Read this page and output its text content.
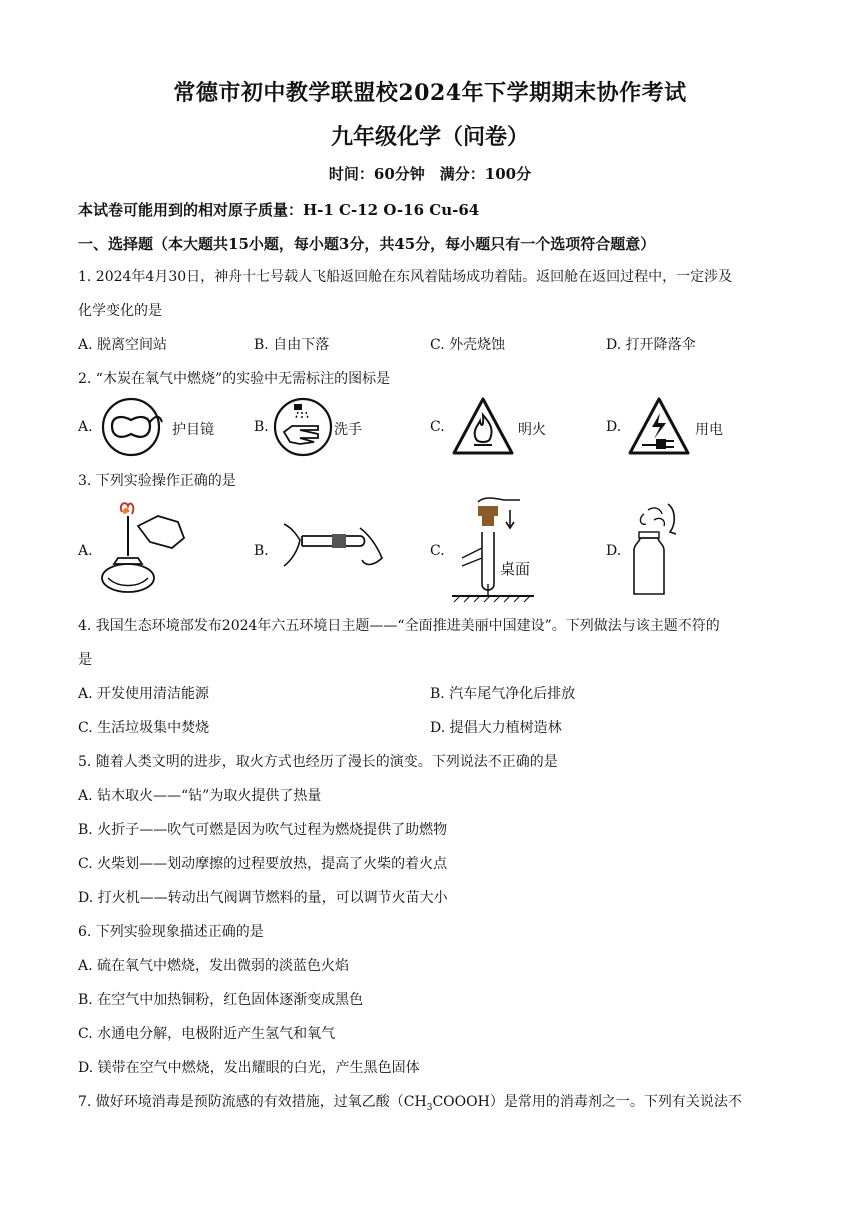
常德市初中教学联盟校2024年下学期期末协作考试
九年级化学（问卷）
时间：60分钟　满分：100分
本试卷可能用到的相对原子质量：H-1 C-12 O-16 Cu-64
一、选择题（本大题共15小题，每小题3分，共45分，每小题只有一个选项符合题意）
1. 2024年4月30日，神舟十七号载人飞船返回舱在东风着陆场成功着陆。返回舱在返回过程中，一定涉及
化学变化的是
A. 脱离空间站	B. 自由下落	C. 外壳烧蚀	D. 打开降落伞
2. “木炭在氧气中燃烧”的实验中无需标注的图标是
A.	护目镜	B.	洗手	C.	明火	D.	用电
3. 下列实验操作正确的是
A.	B.	C.
桌面
D.
4. 我国生态环境部发布2024年六五环境日主题——“全面推进美丽中国建设”。下列做法与该主题不符的
是
A. 开发使用清洁能源	B. 汽车尾气净化后排放
C. 生活垃圾集中焚烧	D. 提倡大力植树造林
5. 随着人类文明的进步，取火方式也经历了漫长的演变。下列说法不正确的是
A. 钻木取火——“钻”为取火提供了热量
B. 火折子——吹气可燃是因为吹气过程为燃烧提供了助燃物
C. 火柴划——划动摩擦的过程要放热，提高了火柴的着火点
D. 打火机——转动出气阀调节燃料的量，可以调节火苗大小
6. 下列实验现象描述正确的是
A. 硫在氧气中燃烧，发出微弱的淡蓝色火焰
B. 在空气中加热铜粉，红色固体逐渐变成黑色
C. 水通电分解，电极附近产生氢气和氧气
D. 镁带在空气中燃烧，发出耀眼的白光，产生黑色固体
7. 做好环境消毒是预防流感的有效措施，过氧乙酸$(CH_3COOOH)$是常用的消毒剂之一。下列有关说法不
